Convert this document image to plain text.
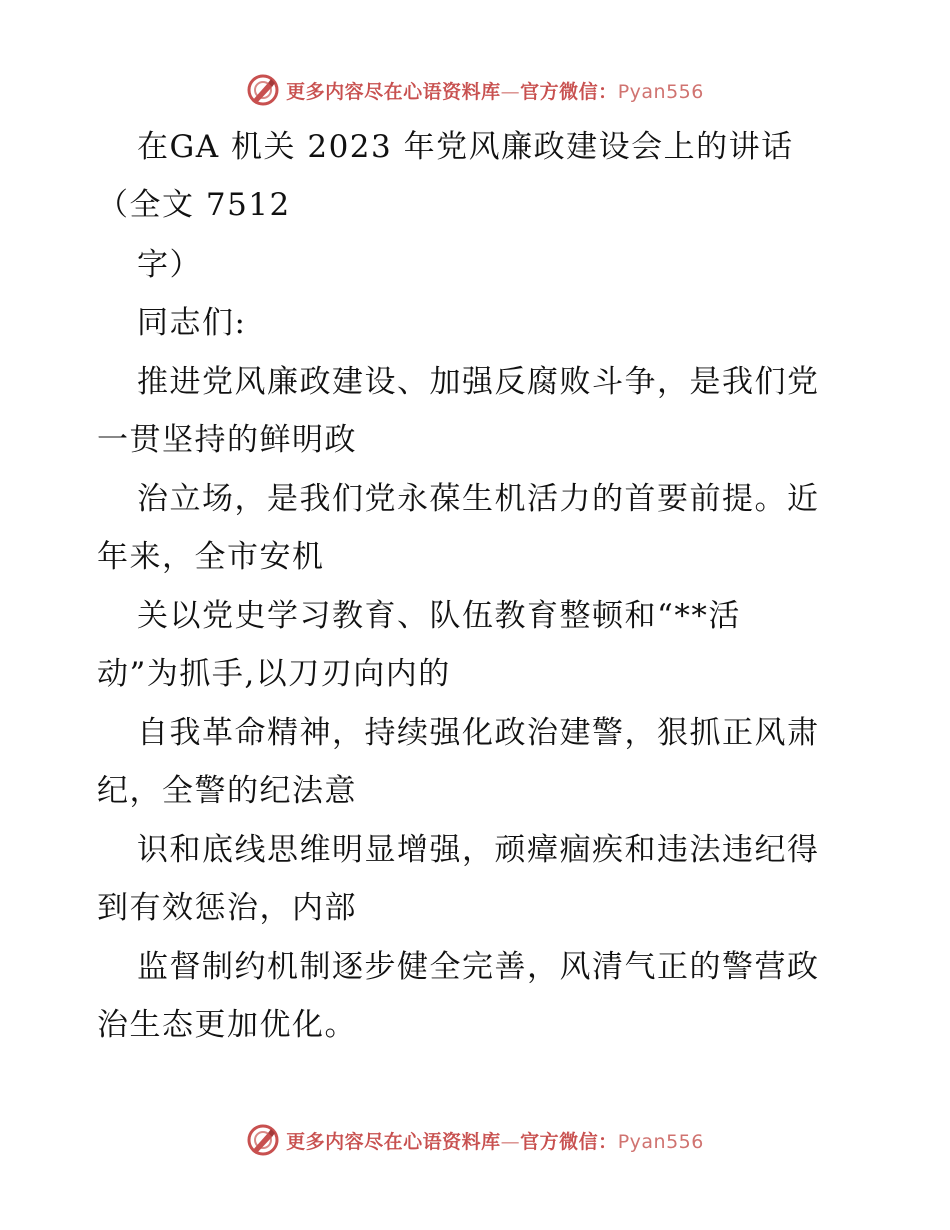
更多内容尽在心语资料库—官方微信：Pyan556
在GA 机关 2023 年党风廉政建设会上的讲话
（全文 7512
字）
同志们:
推进党风廉政建设、加强反腐败斗争，是我们党
一贯坚持的鲜明政
治立场，是我们党永葆生机活力的首要前提。近
年来，全市安机
关以党史学习教育、队伍教育整顿和“**活
动”为抓手,以刀刃向内的
自我革命精神，持续强化政治建警，狠抓正风肃
纪，全警的纪法意
识和底线思维明显增强，顽瘴痼疾和违法违纪得
到有效惩治，内部
监督制约机制逐步健全完善，风清气正的警营政
治生态更加优化。
更多内容尽在心语资料库—官方微信：Pyan556
